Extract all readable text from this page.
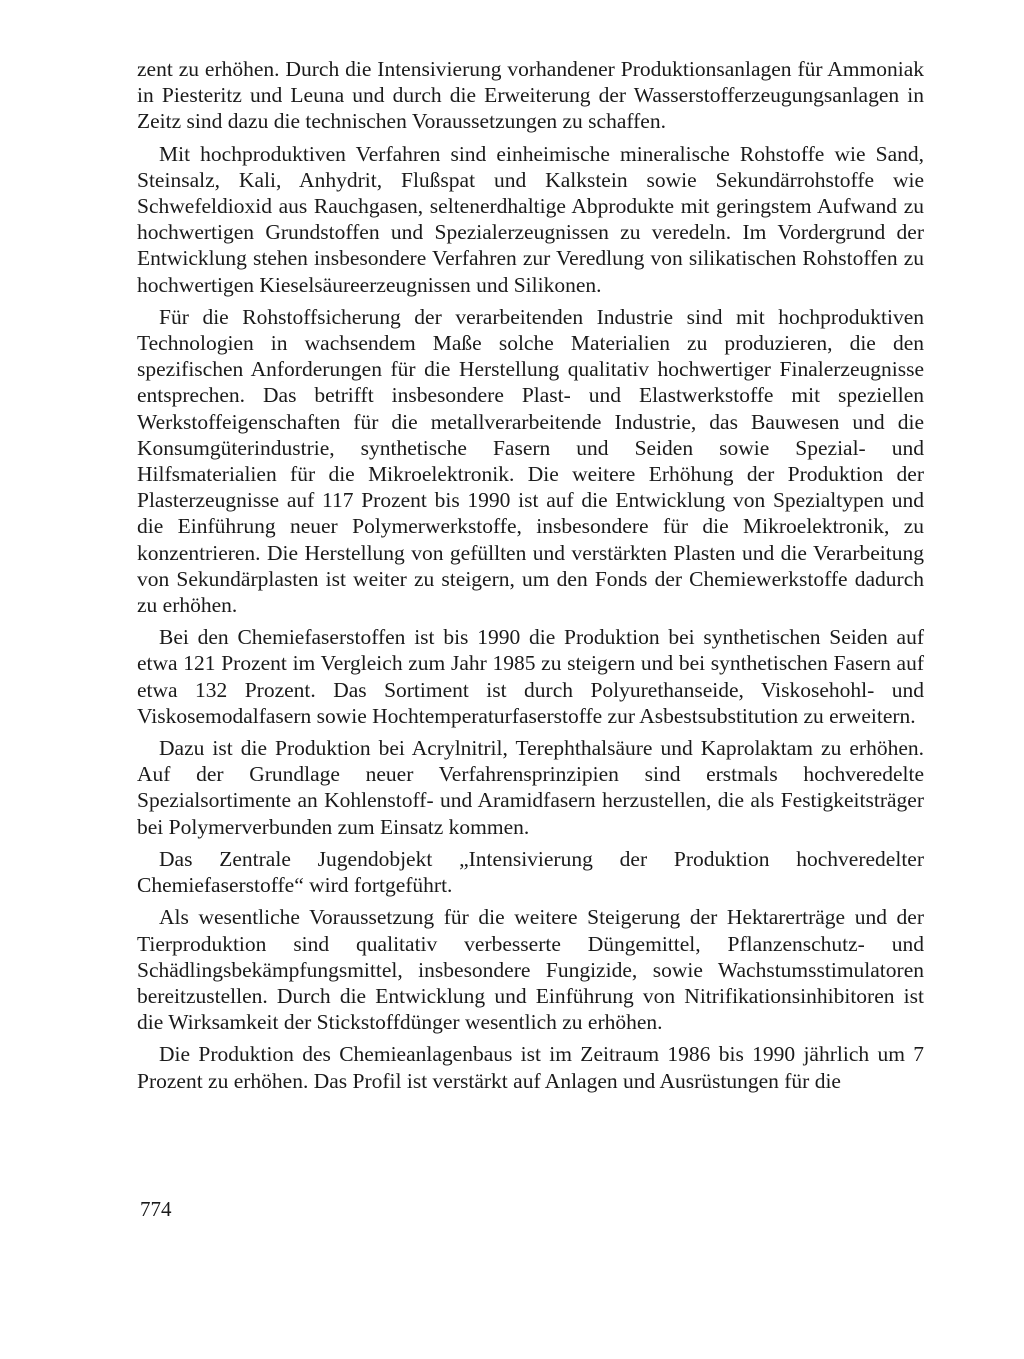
zent zu erhöhen. Durch die Intensivierung vorhandener Produktionsanlagen für Ammoniak in Piesteritz und Leuna und durch die Erweiterung der Wasserstofferzeugungsanlagen in Zeitz sind dazu die technischen Voraussetzungen zu schaffen.

Mit hochproduktiven Verfahren sind einheimische mineralische Rohstoffe wie Sand, Steinsalz, Kali, Anhydrit, Flußspat und Kalkstein sowie Sekundärrohstoffe wie Schwefeldioxid aus Rauchgasen, seltenerdhaltige Abprodukte mit geringstem Aufwand zu hochwertigen Grundstoffen und Spezialerzeugnissen zu veredeln. Im Vordergrund der Entwicklung stehen insbesondere Verfahren zur Veredlung von silikatischen Rohstoffen zu hochwertigen Kieselsäureerzeugnissen und Silikonen.

Für die Rohstoffsicherung der verarbeitenden Industrie sind mit hochproduktiven Technologien in wachsendem Maße solche Materialien zu produzieren, die den spezifischen Anforderungen für die Herstellung qualitativ hochwertiger Finalerzeugnisse entsprechen. Das betrifft insbesondere Plast- und Elastwerkstoffe mit speziellen Werkstoffeigenschaften für die metallverarbeitende Industrie, das Bauwesen und die Konsumgüterindustrie, synthetische Fasern und Seiden sowie Spezial- und Hilfsmaterialien für die Mikroelektronik. Die weitere Erhöhung der Produktion der Plasterzeugnisse auf 117 Prozent bis 1990 ist auf die Entwicklung von Spezialtypen und die Einführung neuer Polymerwerkstoffe, insbesondere für die Mikroelektronik, zu konzentrieren. Die Herstellung von gefüllten und verstärkten Plasten und die Verarbeitung von Sekundärplasten ist weiter zu steigern, um den Fonds der Chemiewerkstoffe dadurch zu erhöhen.

Bei den Chemiefaserstoffen ist bis 1990 die Produktion bei synthetischen Seiden auf etwa 121 Prozent im Vergleich zum Jahr 1985 zu steigern und bei synthetischen Fasern auf etwa 132 Prozent. Das Sortiment ist durch Polyurethanseide, Viskosehohl- und Viskosemodalfasern sowie Hochtemperaturfaserstoffe zur Asbestsubstitution zu erweitern.

Dazu ist die Produktion bei Acrylnitril, Terephthalsäure und Kaprolaktam zu erhöhen. Auf der Grundlage neuer Verfahrensprinzipien sind erstmals hochveredelte Spezialsortimente an Kohlenstoff- und Aramidfasern herzustellen, die als Festigkeitsträger bei Polymerverbunden zum Einsatz kommen.

Das Zentrale Jugendobjekt „Intensivierung der Produktion hochveredelter Chemiefaserstoffe“ wird fortgeführt.

Als wesentliche Voraussetzung für die weitere Steigerung der Hektarerträge und der Tierproduktion sind qualitativ verbesserte Düngemittel, Pflanzenschutz- und Schädlingsbekämpfungsmittel, insbesondere Fungizide, sowie Wachstumsstimulatoren bereitzustellen. Durch die Entwicklung und Einführung von Nitrifikationsinhibitoren ist die Wirksamkeit der Stickstoffdünger wesentlich zu erhöhen.

Die Produktion des Chemieanlagenbaus ist im Zeitraum 1986 bis 1990 jährlich um 7 Prozent zu erhöhen. Das Profil ist verstärkt auf Anlagen und Ausrüstungen für die

774
